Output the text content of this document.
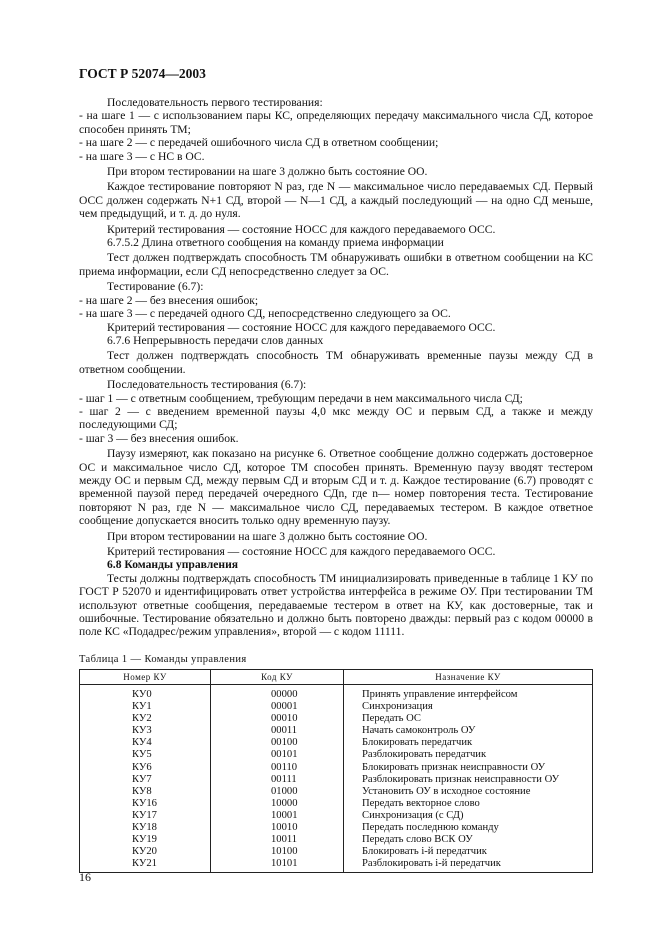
ГОСТ Р 52074—2003

Последовательность первого тестирования:

- на шаге 1 — с использованием пары КС, определяющих передачу максимального числа СД, которое способен принять ТМ;

- на шаге 2 — с передачей ошибочного числа СД в ответном сообщении;

- на шаге 3 — с НС в ОС.

При втором тестировании на шаге 3 должно быть состояние ОО.

Каждое тестирование повторяют N раз, где N — максимальное число передаваемых СД. Первый ОСС должен содержать N+1 СД, второй — N—1 СД, а каждый последующий — на одно СД меньше, чем предыдущий, и т. д. до нуля.

Критерий тестирования — состояние НОСС для каждого передаваемого ОСС.

6.7.5.2 Длина ответного сообщения на команду приема информации

Тест должен подтверждать способность ТМ обнаруживать ошибки в ответном сообщении на КС приема информации, если СД непосредственно следует за ОС.

Тестирование (6.7):

- на шаге 2 — без внесения ошибок;

- на шаге 3 — с передачей одного СД, непосредственно следующего за ОС.

Критерий тестирования — состояние НОСС для каждого передаваемого ОСС.

6.7.6 Непрерывность передачи слов данных

Тест должен подтверждать способность ТМ обнаруживать временные паузы между СД в ответном сообщении.

Последовательность тестирования (6.7):

- шаг 1 — с ответным сообщением, требующим передачи в нем максимального числа СД;

- шаг 2 — с введением временной паузы 4,0 мкс между ОС и первым СД, а также и между последующими СД;

- шаг 3 — без внесения ошибок.

Паузу измеряют, как показано на рисунке 6. Ответное сообщение должно содержать достоверное ОС и максимальное число СД, которое ТМ способен принять. Временную паузу вводят тестером между ОС и первым СД, между первым СД и вторым СД и т. д. Каждое тестирование (6.7) проводят с временной паузой перед передачей очередного СДn, где n— номер повторения теста. Тестирование повторяют N раз, где N — максимальное число СД, передаваемых тестером. В каждое ответное сообщение допускается вносить только одну временную паузу.

При втором тестировании на шаге 3 должно быть состояние ОО.

Критерий тестирования — состояние НОСС для каждого передаваемого ОСС.

6.8 Команды управления

Тесты должны подтверждать способность ТМ инициализировать приведенные в таблице 1 КУ по ГОСТ Р 52070 и идентифицировать ответ устройства интерфейса в режиме ОУ. При тестировании ТМ используют ответные сообщения, передаваемые тестером в ответ на КУ, как достоверные, так и ошибочные. Тестирование обязательно и должно быть повторено дважды: первый раз с кодом 00000 в поле КС «Подадрес/режим управления», второй — с кодом 11111.

Таблица 1 — Команды управления
Номер КУ	Код КУ	Назначение КУ
КУ0	00000	Принять управление интерфейсом
КУ1	00001	Синхронизация
КУ2	00010	Передать ОС
КУ3	00011	Начать самоконтроль ОУ
КУ4	00100	Блокировать передатчик
КУ5	00101	Разблокировать передатчик
КУ6	00110	Блокировать признак неисправности ОУ
КУ7	00111	Разблокировать признак неисправности ОУ
КУ8	01000	Установить ОУ в исходное состояние
КУ16	10000	Передать векторное слово
КУ17	10001	Синхронизация (с СД)
КУ18	10010	Передать последнюю команду
КУ19	10011	Передать слово ВСК ОУ
КУ20	10100	Блокировать i-й передатчик
КУ21	10101	Разблокировать i-й передатчик
16
